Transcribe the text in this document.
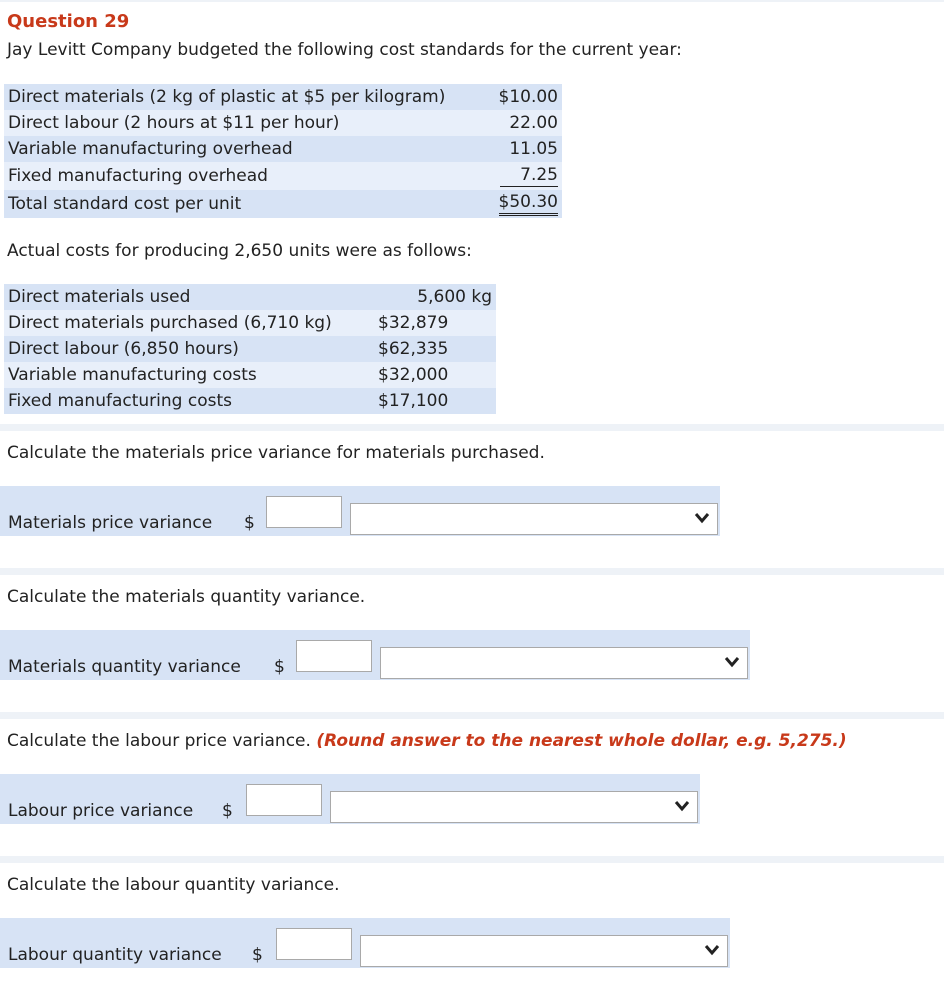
Question 29
Jay Levitt Company budgeted the following cost standards for the current year:
Direct materials (2 kg of plastic at $5 per kilogram)	$10.00
Direct labour (2 hours at $11 per hour)	22.00
Variable manufacturing overhead	11.05
Fixed manufacturing overhead	7.25
Total standard cost per unit	$50.30
Actual costs for producing 2,650 units were as follows:
Direct materials used	5,600 kg
Direct materials purchased (6,710 kg)	$32,879
Direct labour (6,850 hours)	$62,335
Variable manufacturing costs	$32,000
Fixed manufacturing costs	$17,100
Calculate the materials price variance for materials purchased.
Materials price variance $
Calculate the materials quantity variance.
Materials quantity variance $
Calculate the labour price variance. (Round answer to the nearest whole dollar, e.g. 5,275.)
Labour price variance $
Calculate the labour quantity variance.
Labour quantity variance $
